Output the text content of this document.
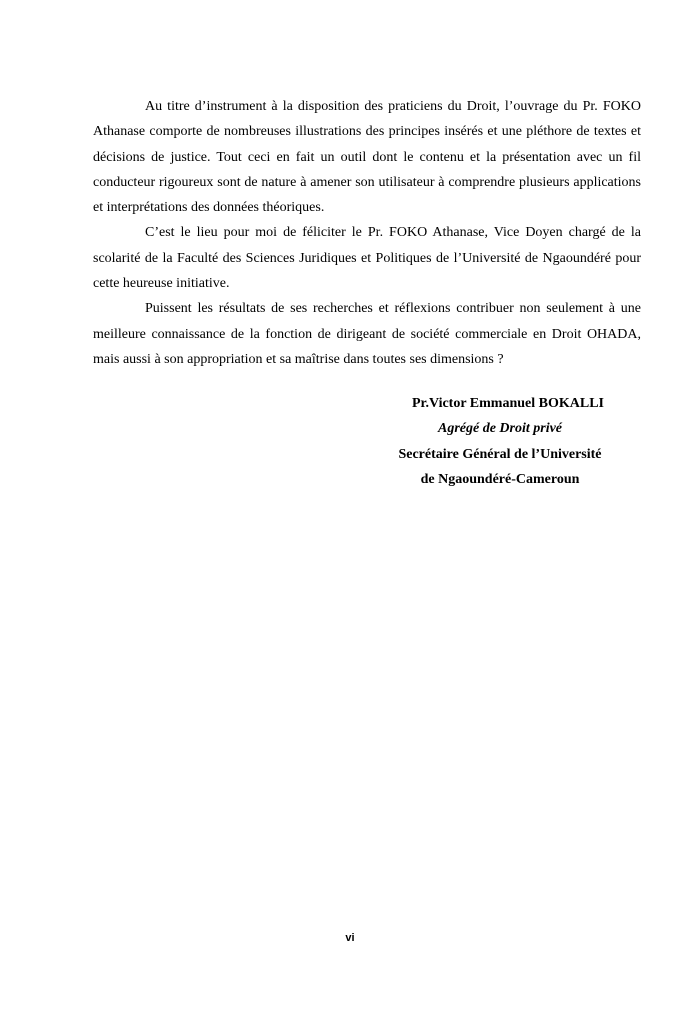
Au titre d’instrument à la disposition des praticiens du Droit, l’ouvrage du Pr. FOKO Athanase comporte de nombreuses illustrations des principes insérés et une pléthore de textes et décisions de justice. Tout ceci en fait un outil dont le contenu et la présentation avec un fil conducteur rigoureux sont de nature à amener son utilisateur à comprendre plusieurs applications et interprétations des données théoriques.

C’est le lieu pour moi de féliciter le Pr. FOKO Athanase, Vice Doyen chargé de la scolarité de la Faculté des Sciences Juridiques et Politiques de l’Université de Ngaoundéré pour cette heureuse initiative.

Puissent les résultats de ses recherches et réflexions contribuer non seulement à une meilleure connaissance de la fonction de dirigeant de société commerciale en Droit OHADA, mais aussi à son appropriation et sa maîtrise dans toutes ses dimensions ?

Pr.Victor Emmanuel BOKALLI
Agrégé de Droit privé
Secrétaire Général de l’Université
de Ngaoundéré-Cameroun
vi
